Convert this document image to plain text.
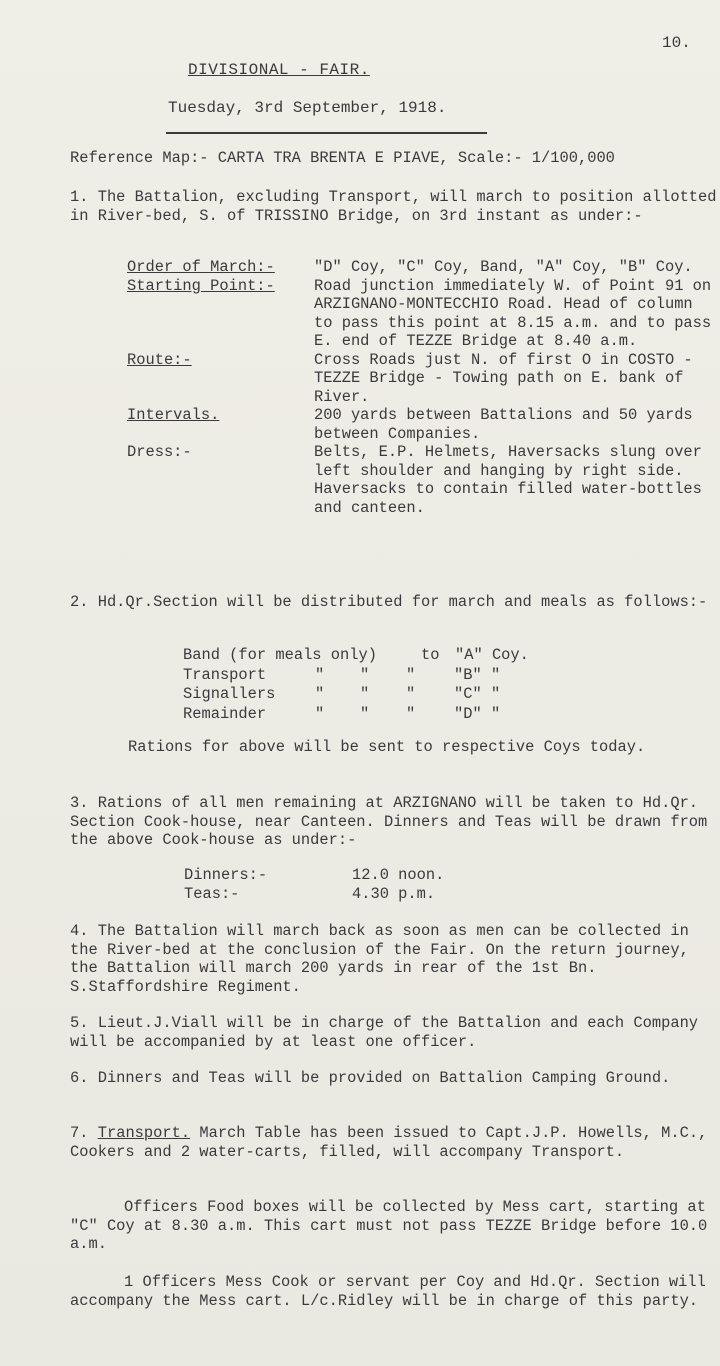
10.
DIVISIONAL - FAIR.
Tuesday, 3rd September, 1918.
Reference Map:- CARTA TRA BRENTA E PIAVE, Scale:- 1/100,000
1. The Battalion, excluding Transport, will march to position allotted in River-bed, S. of TRISSINO Bridge, on 3rd instant as under:-
Order of March:-	"D" Coy, "C" Coy, Band, "A" Coy, "B" Coy.
Starting Point:-	Road junction immediately W. of Point 91 on ARZIGNANO-MONTECCHIO Road. Head of column to pass this point at 8.15 a.m. and to pass E. end of TEZZE Bridge at 8.40 a.m.
Route:-	Cross Roads just N. of first O in COSTO - TEZZE Bridge - Towing path on E. bank of River.
Intervals.	200 yards between Battalions and 50 yards between Companies.
Dress:-	Belts, E.P. Helmets, Haversacks slung over left shoulder and hanging by right side. Haversacks to contain filled water-bottles and canteen.
2. Hd.Qr.Section will be distributed for march and meals as follows:-
Band (for meals only)	to	"A" Coy.
Transport	"	"	"	"B" "
Signallers	"	"	"	"C" "
Remainder	"	"	"	"D" "
Rations for above will be sent to respective Coys today.
3. Rations of all men remaining at ARZIGNANO will be taken to Hd.Qr. Section Cook-house, near Canteen. Dinners and Teas will be drawn from the above Cook-house as under:-
Dinners:-	12.0 noon.
Teas:-	4.30 p.m.
4. The Battalion will march back as soon as men can be collected in the River-bed at the conclusion of the Fair. On the return journey, the Battalion will march 200 yards in rear of the 1st Bn. S.Staffordshire Regiment.
5. Lieut.J.Viall will be in charge of the Battalion and each Company will be accompanied by at least one officer.
6. Dinners and Teas will be provided on Battalion Camping Ground.
7. Transport. March Table has been issued to Capt.J.P. Howells, M.C., Cookers and 2 water-carts, filled, will accompany Transport.
Officers Food boxes will be collected by Mess cart, starting at "C" Coy at 8.30 a.m. This cart must not pass TEZZE Bridge before 10.0 a.m.
1 Officers Mess Cook or servant per Coy and Hd.Qr. Section will accompany the Mess cart. L/c.Ridley will be in charge of this party.
